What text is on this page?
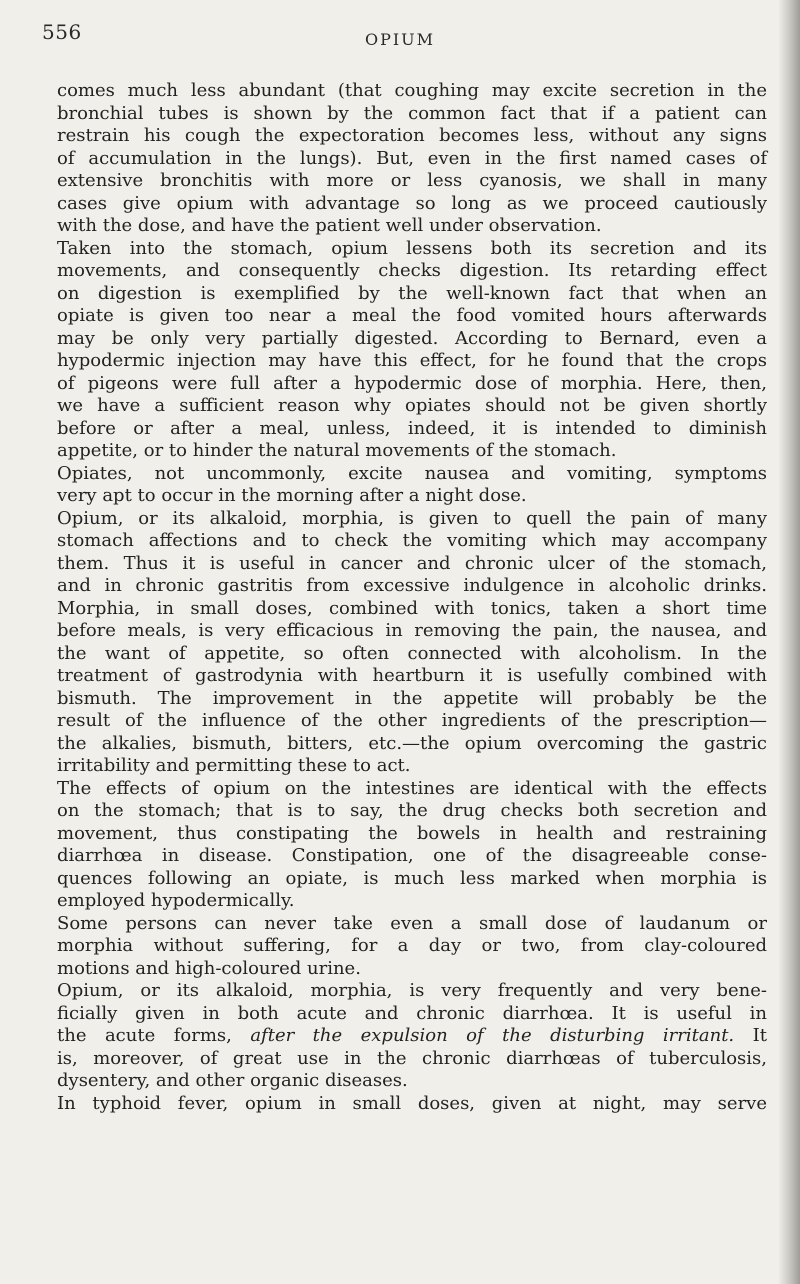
556	OPIUM
comes much less abundant (that coughing may excite secretion in the
bronchial tubes is shown by the common fact that if a patient can
restrain his cough the expectoration becomes less, without any signs
of accumulation in the lungs). But, even in the first named cases of
extensive bronchitis with more or less cyanosis, we shall in many
cases give opium with advantage so long as we proceed cautiously
with the dose, and have the patient well under observation.
Taken into the stomach, opium lessens both its secretion and its
movements, and consequently checks digestion. Its retarding effect
on digestion is exemplified by the well-known fact that when an
opiate is given too near a meal the food vomited hours afterwards
may be only very partially digested. According to Bernard, even a
hypodermic injection may have this effect, for he found that the crops
of pigeons were full after a hypodermic dose of morphia. Here, then,
we have a sufficient reason why opiates should not be given shortly
before or after a meal, unless, indeed, it is intended to diminish
appetite, or to hinder the natural movements of the stomach.
Opiates, not uncommonly, excite nausea and vomiting, symptoms
very apt to occur in the morning after a night dose.
Opium, or its alkaloid, morphia, is given to quell the pain of many
stomach affections and to check the vomiting which may accompany
them. Thus it is useful in cancer and chronic ulcer of the stomach,
and in chronic gastritis from excessive indulgence in alcoholic drinks.
Morphia, in small doses, combined with tonics, taken a short time
before meals, is very efficacious in removing the pain, the nausea, and
the want of appetite, so often connected with alcoholism. In the
treatment of gastrodynia with heartburn it is usefully combined with
bismuth. The improvement in the appetite will probably be the
result of the influence of the other ingredients of the prescription—
the alkalies, bismuth, bitters, etc.—the opium overcoming the gastric
irritability and permitting these to act.
The effects of opium on the intestines are identical with the effects
on the stomach; that is to say, the drug checks both secretion and
movement, thus constipating the bowels in health and restraining
diarrhœa in disease. Constipation, one of the disagreeable conse-
quences following an opiate, is much less marked when morphia is
employed hypodermically.
Some persons can never take even a small dose of laudanum or
morphia without suffering, for a day or two, from clay-coloured
motions and high-coloured urine.
Opium, or its alkaloid, morphia, is very frequently and very bene-
ficially given in both acute and chronic diarrhœa. It is useful in
the acute forms, after the expulsion of the disturbing irritant. It
is, moreover, of great use in the chronic diarrhœas of tuberculosis,
dysentery, and other organic diseases.
In typhoid fever, opium in small doses, given at night, may serve
